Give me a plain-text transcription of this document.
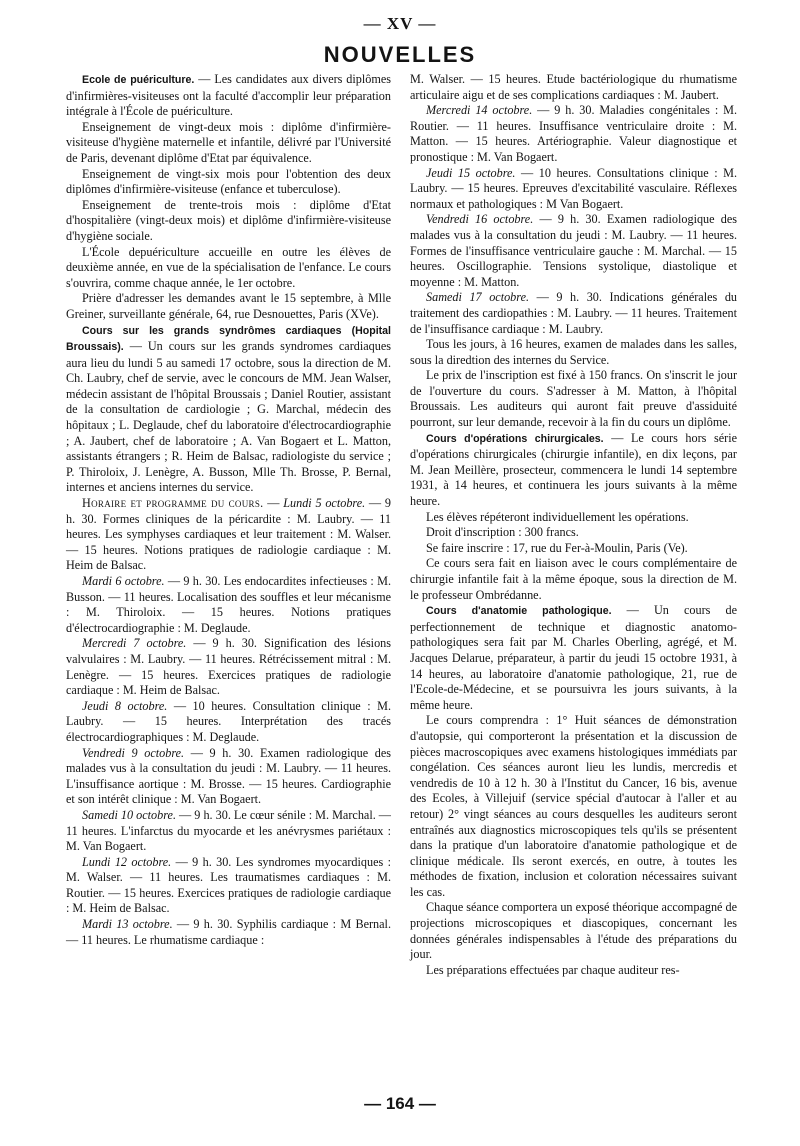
— XV —
NOUVELLES

Ecole de puériculture. — Les candidates aux divers diplômes d'infirmières-visiteuses ont la faculté d'accomplir leur préparation intégrale à l'École de puériculture.

Enseignement de vingt-deux mois : diplôme d'infirmière-visiteuse d'hygiène maternelle et infantile, délivré par l'Université de Paris, devenant diplôme d'Etat par équivalence.

Enseignement de vingt-six mois pour l'obtention des deux diplômes d'infirmière-visiteuse (enfance et tuberculose).

Enseignement de trente-trois mois : diplôme d'Etat d'hospitalière (vingt-deux mois) et diplôme d'infirmière-visiteuse d'hygiène sociale.

L'École depuériculture accueille en outre les élèves de deuxième année, en vue de la spécialisation de l'enfance. Le cours s'ouvrira, comme chaque année, le 1er octobre.

Prière d'adresser les demandes avant le 15 septembre, à Mlle Greiner, surveillante générale, 64, rue Desnouettes, Paris (XVe).

Cours sur les grands syndrômes cardiaques (Hopital Broussais). — Un cours sur les grands syndromes cardiaques aura lieu du lundi 5 au samedi 17 octobre, sous la direction de M. Ch. Laubry, chef de servie, avec le concours de MM. Jean Walser, médecin assistant de l'hôpital Broussais ; Daniel Routier, assistant de la consultation de cardiologie ; G. Marchal, médecin des hôpitaux ; L. Deglaude, chef du laboratoire d'électrocardiographie ; A. Jaubert, chef de laboratoire ; A. Van Bogaert et L. Matton, assistants étrangers ; R. Heim de Balsac, radiologiste du service ; P. Thiroloix, J. Lenègre, A. Busson, Mlle Th. Brosse, P. Bernal, internes et anciens internes du service.

Horaire et programme du cours. — Lundi 5 octobre. — 9 h. 30. Formes cliniques de la péricardite : M. Laubry. — 11 heures. Les symphyses cardiaques et leur traitement : M. Walser. — 15 heures. Notions pratiques de radiologie cardiaque : M. Heim de Balsac.

Mardi 6 octobre. — 9 h. 30. Les endocardites infectieuses : M. Busson. — 11 heures. Localisation des souffles et leur mécanisme : M. Thiroloix. — 15 heures. Notions pratiques d'électrocardiographie : M. Deglaude.

Mercredi 7 octobre. — 9 h. 30. Signification des lésions valvulaires : M. Laubry. — 11 heures. Rétrécissement mitral : M. Lenègre. — 15 heures. Exercices pratiques de radiologie cardiaque : M. Heim de Balsac.

Jeudi 8 octobre. — 10 heures. Consultation clinique : M. Laubry. — 15 heures. Interprétation des tracés électrocardiographiques : M. Deglaude.

Vendredi 9 octobre. — 9 h. 30. Examen radiologique des malades vus à la consultation du jeudi : M. Laubry. — 11 heures. L'insuffisance aortique : M. Brosse. — 15 heures. Cardiographie et son intérêt clinique : M. Van Bogaert.

Samedi 10 octobre. — 9 h. 30. Le cœur sénile : M. Marchal. — 11 heures. L'infarctus du myocarde et les anévrysmes pariétaux : M. Van Bogaert.

Lundi 12 octobre. — 9 h. 30. Les syndromes myocardiques : M. Walser. — 11 heures. Les traumatismes cardiaques : M. Routier. — 15 heures. Exercices pratiques de radiologie cardiaque : M. Heim de Balsac.

Mardi 13 octobre. — 9 h. 30. Syphilis cardiaque : M Bernal. — 11 heures. Le rhumatisme cardiaque :

M. Walser. — 15 heures. Etude bactériologique du rhumatisme articulaire aigu et de ses complications cardiaques : M. Jaubert.

Mercredi 14 octobre. — 9 h. 30. Maladies congénitales : M. Routier. — 11 heures. Insuffisance ventriculaire droite : M. Matton. — 15 heures. Artériographie. Valeur diagnostique et pronostique : M. Van Bogaert.

Jeudi 15 octobre. — 10 heures. Consultations clinique : M. Laubry. — 15 heures. Epreuves d'excitabilité vasculaire. Réflexes normaux et pathologiques : M Van Bogaert.

Vendredi 16 octobre. — 9 h. 30. Examen radiologique des malades vus à la consultation du jeudi : M. Laubry. — 11 heures. Formes de l'insuffisance ventriculaire gauche : M. Marchal. — 15 heures. Oscillographie. Tensions systolique, diastolique et moyenne : M. Matton.

Samedi 17 octobre. — 9 h. 30. Indications générales du traitement des cardiopathies : M. Laubry. — 11 heures. Traitement de l'insuffisance cardiaque : M. Laubry.

Tous les jours, à 16 heures, examen de malades dans les salles, sous la diredtion des internes du Service.

Le prix de l'inscription est fixé à 150 francs. On s'inscrit le jour de l'ouverture du cours. S'adresser à M. Matton, à l'hôpital Broussais. Les auditeurs qui auront fait preuve d'assiduité pourront, sur leur demande, recevoir à la fin du cours un diplôme.

Cours d'opérations chirurgicales. — Le cours hors série d'opérations chirurgicales (chirurgie infantile), en dix leçons, par M. Jean Meillère, prosecteur, commencera le lundi 14 septembre 1931, à 14 heures, et continuera les jours suivants à la même heure.

Les élèves répéteront individuellement les opérations.

Droit d'inscription : 300 francs.

Se faire inscrire : 17, rue du Fer-à-Moulin, Paris (Ve).

Ce cours sera fait en liaison avec le cours complémentaire de chirurgie infantile fait à la même époque, sous la direction de M. le professeur Ombrédanne.

Cours d'anatomie pathologique. — Un cours de perfectionnement de technique et diagnostic anatomo-pathologiques sera fait par M. Charles Oberling, agrégé, et M. Jacques Delarue, préparateur, à partir du jeudi 15 octobre 1931, à 14 heures, au laboratoire d'anatomie pathologique, 21, rue de l'Ecole-de-Médecine, et se poursuivra les jours suivants, à la même heure.

Le cours comprendra : 1° Huit séances de démonstration d'autopsie, qui comporteront la présentation et la discussion de pièces macroscopiques avec examens histologiques immédiats par congélation. Ces séances auront lieu les lundis, mercredis et vendredis de 10 à 12 h. 30 à l'Institut du Cancer, 16 bis, avenue des Ecoles, à Villejuif (service spécial d'autocar à l'aller et au retour) 2° vingt séances au cours desquelles les auditeurs seront entraînés aux diagnostics microscopiques tels qu'ils se présentent dans la pratique d'un laboratoire d'anatomie pathologique et de clinique médicale. Ils seront exercés, en outre, à toutes les méthodes de fixation, inclusion et coloration nécessaires suivant les cas.

Chaque séance comportera un exposé théorique accompagné de projections microscopiques et diascopiques, concernant les données générales indispensables à l'étude des préparations du jour.

Les préparations effectuées par chaque auditeur res-

— 164 —
